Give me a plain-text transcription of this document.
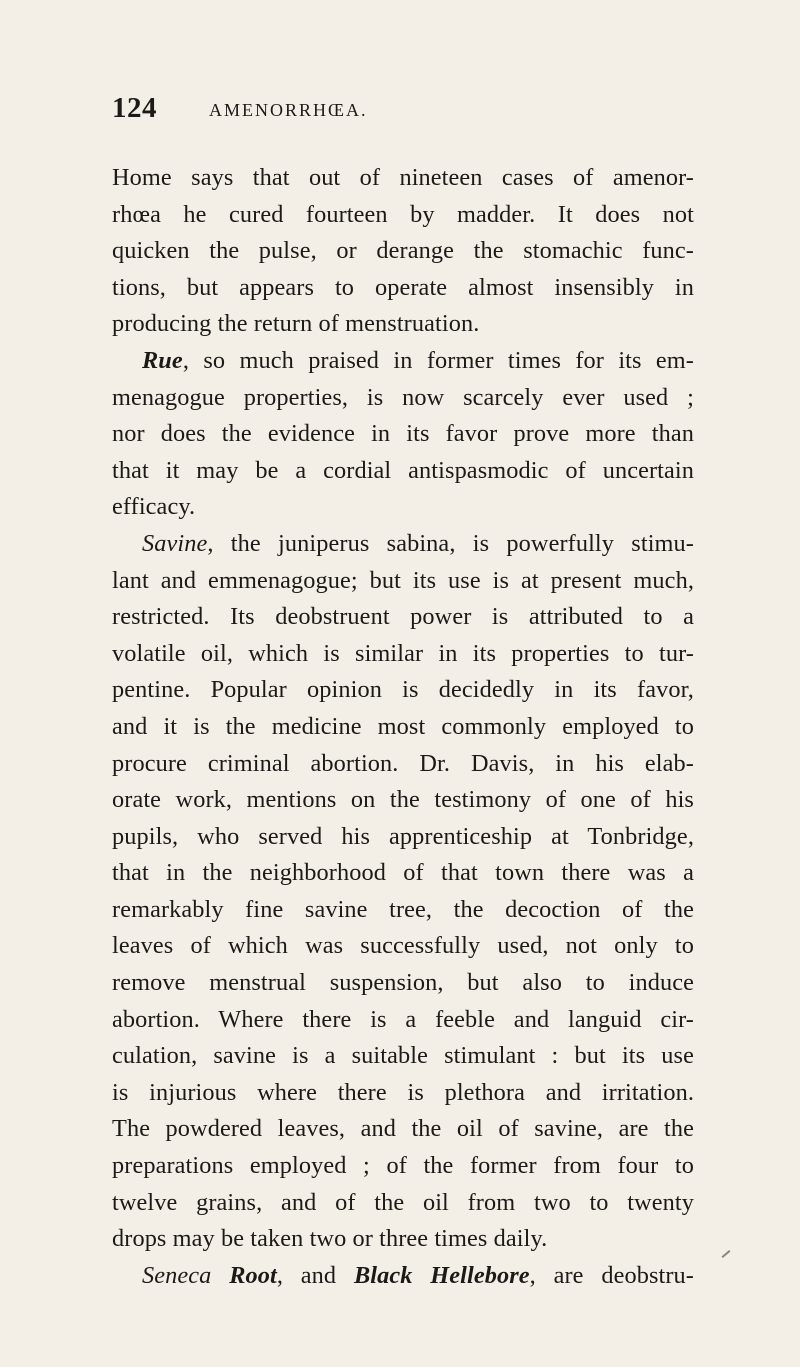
124	AMENORRHŒA.
Home says that out of nineteen cases of amenor-
rhœa he cured fourteen by madder. It does not
quicken the pulse, or derange the stomachic func-
tions, but appears to operate almost insensibly in
producing the return of menstruation.
Rue, so much praised in former times for its em-
menagogue properties, is now scarcely ever used ;
nor does the evidence in its favor prove more than
that it may be a cordial antispasmodic of uncertain
efficacy.
Savine, the juniperus sabina, is powerfully stimu-
lant and emmenagogue; but its use is at present much,
restricted. Its deobstruent power is attributed to a
volatile oil, which is similar in its properties to tur-
pentine. Popular opinion is decidedly in its favor,
and it is the medicine most commonly employed to
procure criminal abortion. Dr. Davis, in his elab-
orate work, mentions on the testimony of one of his
pupils, who served his apprenticeship at Tonbridge,
that in the neighborhood of that town there was a
remarkably fine savine tree, the decoction of the
leaves of which was successfully used, not only to
remove menstrual suspension, but also to induce
abortion. Where there is a feeble and languid cir-
culation, savine is a suitable stimulant : but its use
is injurious where there is plethora and irritation.
The powdered leaves, and the oil of savine, are the
preparations employed ; of the former from four to
twelve grains, and of the oil from two to twenty
drops may be taken two or three times daily.
Seneca Root, and Black Hellebore, are deobstru-
